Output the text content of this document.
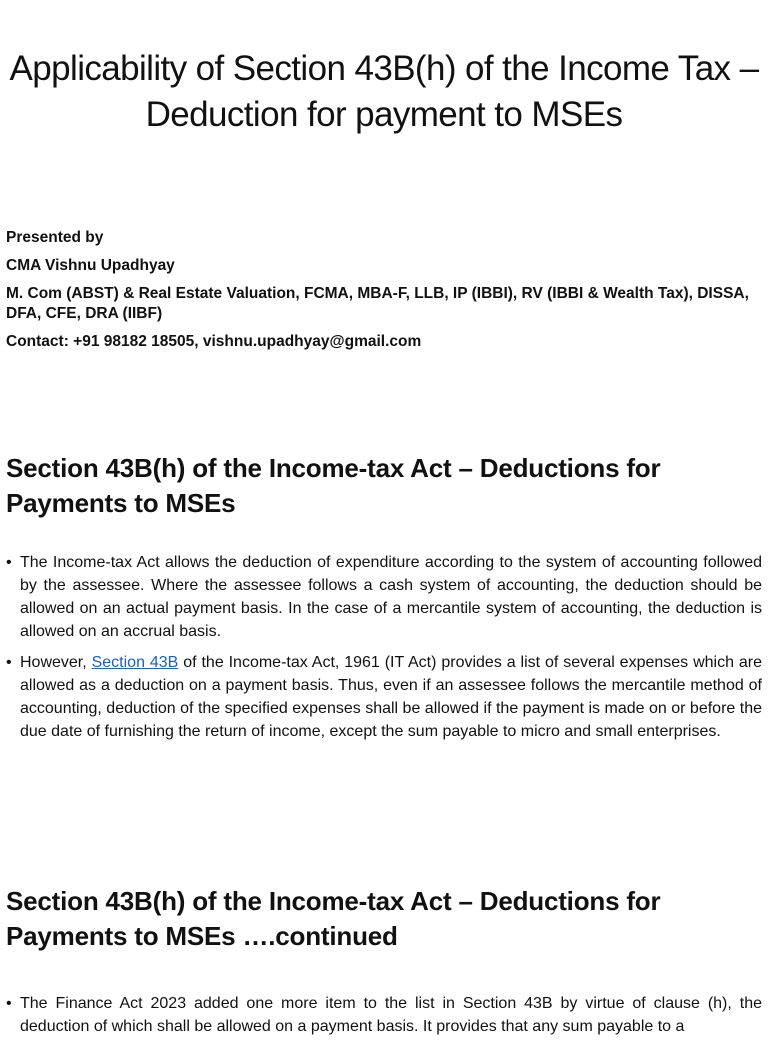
Applicability of Section 43B(h) of the Income Tax – Deduction for payment to MSEs
Presented by
CMA Vishnu Upadhyay
M. Com (ABST) & Real Estate Valuation, FCMA, MBA-F, LLB, IP (IBBI), RV (IBBI & Wealth Tax), DISSA, DFA, CFE, DRA (IIBF)
Contact: +91 98182 18505, vishnu.upadhyay@gmail.com
Section 43B(h) of the Income-tax Act – Deductions for Payments to MSEs
• The Income-tax Act allows the deduction of expenditure according to the system of accounting followed by the assessee. Where the assessee follows a cash system of accounting, the deduction should be allowed on an actual payment basis. In the case of a mercantile system of accounting, the deduction is allowed on an accrual basis.
• However, Section 43B of the Income-tax Act, 1961 (IT Act) provides a list of several expenses which are allowed as a deduction on a payment basis. Thus, even if an assessee follows the mercantile method of accounting, deduction of the specified expenses shall be allowed if the payment is made on or before the due date of furnishing the return of income, except the sum payable to micro and small enterprises.
Section 43B(h) of the Income-tax Act – Deductions for Payments to MSEs ….continued
• The Finance Act 2023 added one more item to the list in Section 43B by virtue of clause (h), the deduction of which shall be allowed on a payment basis. It provides that any sum payable to a
